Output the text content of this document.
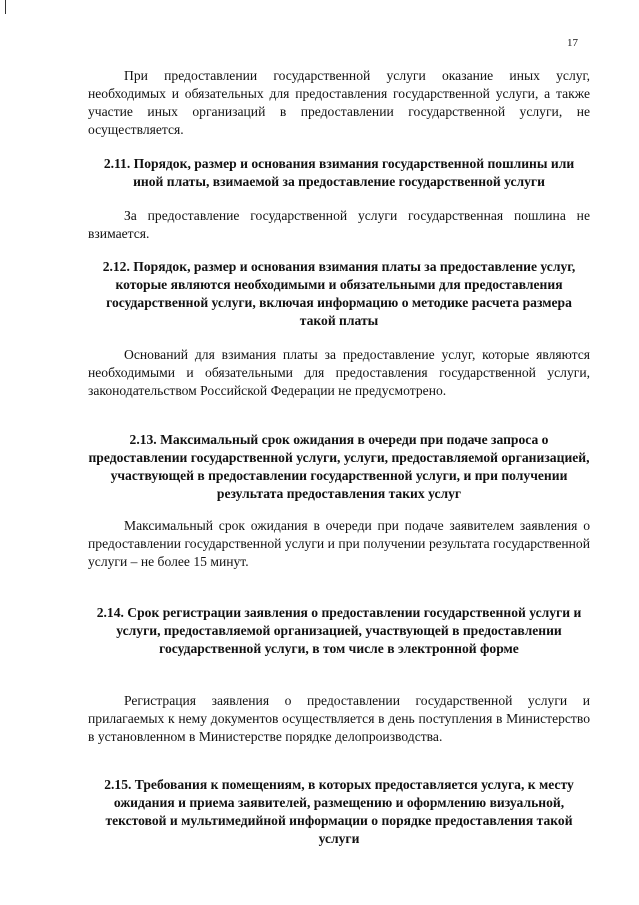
17

При предоставлении государственной услуги оказание иных услуг, необходимых и обязательных для предоставления государственной услуги, а также участие иных организаций в предоставлении государственной услуги, не осуществляется.

2.11. Порядок, размер и основания взимания государственной пошлины или иной платы, взимаемой за предоставление государственной услуги

За предоставление государственной услуги государственная пошлина не взимается.

2.12. Порядок, размер и основания взимания платы за предоставление услуг, которые являются необходимыми и обязательными для предоставления государственной услуги, включая информацию о методике расчета размера такой платы

Оснований для взимания платы за предоставление услуг, которые являются необходимыми и обязательными для предоставления государственной услуги, законодательством Российской Федерации не предусмотрено.

2.13. Максимальный срок ожидания в очереди при подаче запроса о предоставлении государственной услуги, услуги, предоставляемой организацией, участвующей в предоставлении государственной услуги, и при получении результата предоставления таких услуг

Максимальный срок ожидания в очереди при подаче заявителем заявления о предоставлении государственной услуги и при получении результата государственной услуги – не более 15 минут.

2.14. Срок регистрации заявления о предоставлении государственной услуги и услуги, предоставляемой организацией, участвующей в предоставлении государственной услуги, в том числе в электронной форме

Регистрация заявления о предоставлении государственной услуги и прилагаемых к нему документов осуществляется в день поступления в Министерство в установленном в Министерстве порядке делопроизводства.

2.15. Требования к помещениям, в которых предоставляется услуга, к месту ожидания и приема заявителей, размещению и оформлению визуальной, текстовой и мультимедийной информации о порядке предоставления такой услуги
